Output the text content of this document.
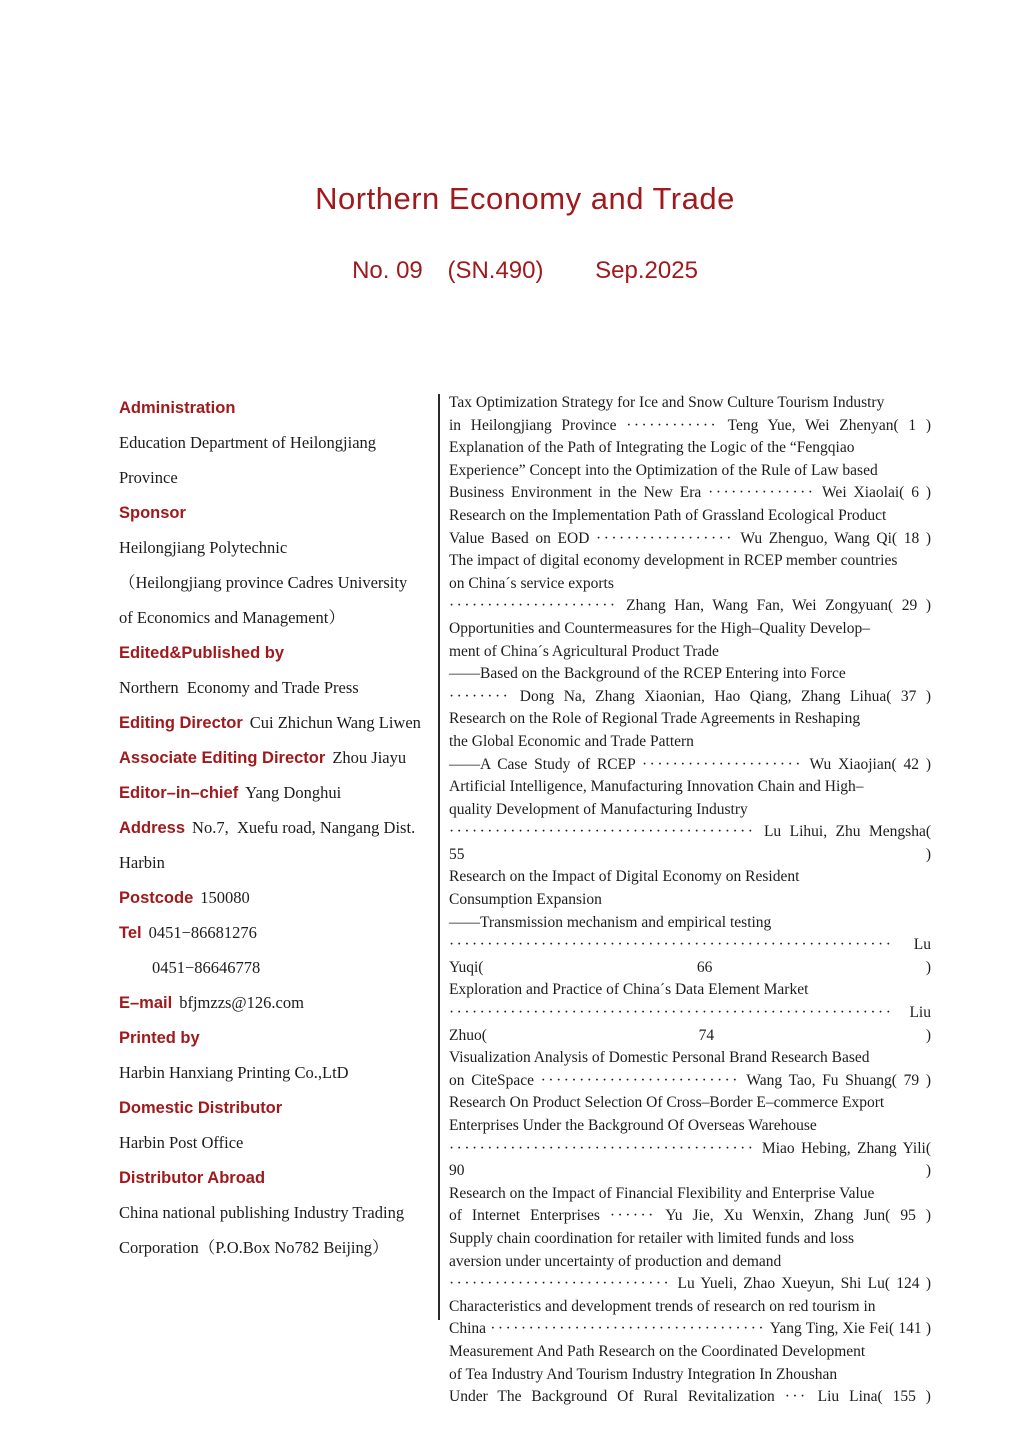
Northern Economy and Trade
No. 09 (SN.490) Sep.2025
Administration
Education Department of Heilongjiang
Province
Sponsor
Heilongjiang Polytechnic
（Heilongjiang province Cadres University
of Economics and Management）
Edited&Published by
Northern  Economy and Trade Press
Editing Director Cui Zhichun Wang Liwen
Associate Editing Director Zhou Jiayu
Editor–in–chief Yang Donghui
Address No.7,  Xuefu road, Nangang Dist.
Harbin
Postcode 150080
Tel 0451−86681276
0451−86646778
E–mail bfjmzzs@126.com
Printed by
Harbin Hanxiang Printing Co.,LtD
Domestic Distributor
Harbin Post Office
Distributor Abroad
China national publishing Industry Trading
Corporation（P.O.Box No782 Beijing）
Tax Optimization Strategy for Ice and Snow Culture Tourism Industry
in Heilongjiang Province ············ Teng Yue, Wei Zhenyan( 1 )
Explanation of the Path of Integrating the Logic of the “Fengqiao
Experience” Concept into the Optimization of the Rule of Law based
Business Environment in the New Era ·············· Wei Xiaolai( 6 )
Research on the Implementation Path of Grassland Ecological Product
Value Based on EOD ·················· Wu Zhenguo, Wang Qi( 18 )
The impact of digital economy development in RCEP member countries
on China´s service exports
······················ Zhang Han, Wang Fan, Wei Zongyuan( 29 )
Opportunities and Countermeasures for the High–Quality Develop–
ment of China´s Agricultural Product Trade
——Based on the Background of the RCEP Entering into Force
········ Dong Na, Zhang Xiaonian, Hao Qiang, Zhang Lihua( 37 )
Research on the Role of Regional Trade Agreements in Reshaping
the Global Economic and Trade Pattern
——A Case Study of RCEP ····················· Wu Xiaojian( 42 )
Artificial Intelligence, Manufacturing Innovation Chain and High–
quality Development of Manufacturing Industry
········································ Lu Lihui, Zhu Mengsha( 55 )
Research on the Impact of Digital Economy on Resident
Consumption Expansion
——Transmission mechanism and empirical testing
·························································· Lu Yuqi( 66 )
Exploration and Practice of China´s Data Element Market
·························································· Liu Zhuo( 74 )
Visualization Analysis of Domestic Personal Brand Research Based
on CiteSpace ·························· Wang Tao, Fu Shuang( 79 )
Research On Product Selection Of Cross–Border E–commerce Export
Enterprises Under the Background Of Overseas Warehouse
········································ Miao Hebing, Zhang Yili( 90 )
Research on the Impact of Financial Flexibility and Enterprise Value
of Internet Enterprises ······ Yu Jie, Xu Wenxin, Zhang Jun( 95 )
Supply chain coordination for retailer with limited funds and loss
aversion under uncertainty of production and demand
····························· Lu Yueli, Zhao Xueyun, Shi Lu( 124 )
Characteristics and development trends of research on red tourism in
China ···································· Yang Ting, Xie Fei( 141 )
Measurement And Path Research on the Coordinated Development
of Tea Industry And Tourism Industry Integration In Zhoushan
Under The Background Of Rural Revitalization ··· Liu Lina( 155 )
